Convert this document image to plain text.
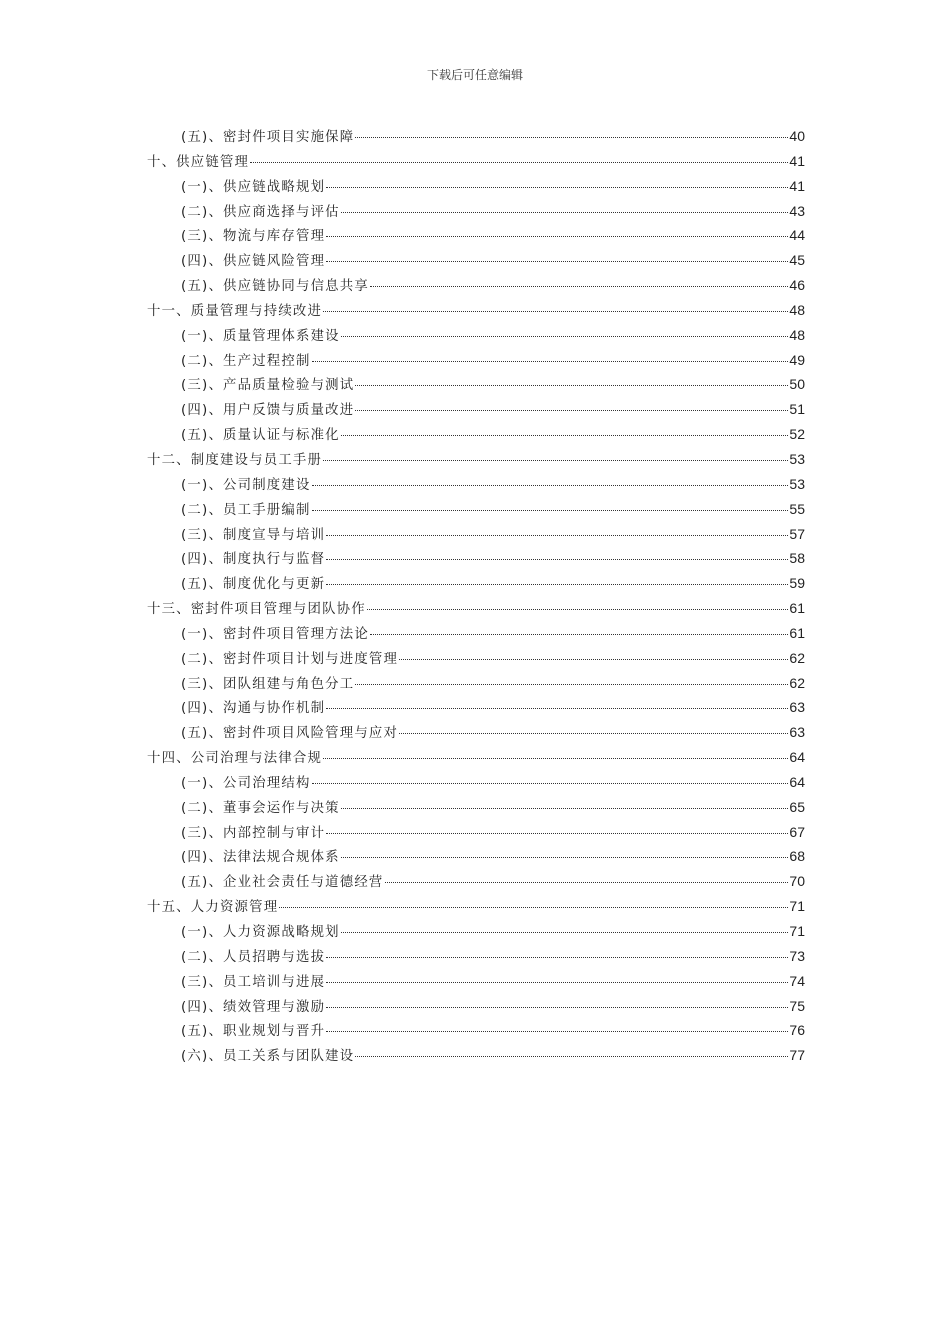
下载后可任意编辑
(五)、密封件项目实施保障	40
十、供应链管理	41
(一)、供应链战略规划	41
(二)、供应商选择与评估	43
(三)、物流与库存管理	44
(四)、供应链风险管理	45
(五)、供应链协同与信息共享	46
十一、质量管理与持续改进	48
(一)、质量管理体系建设	48
(二)、生产过程控制	49
(三)、产品质量检验与测试	50
(四)、用户反馈与质量改进	51
(五)、质量认证与标准化	52
十二、制度建设与员工手册	53
(一)、公司制度建设	53
(二)、员工手册编制	55
(三)、制度宣导与培训	57
(四)、制度执行与监督	58
(五)、制度优化与更新	59
十三、密封件项目管理与团队协作	61
(一)、密封件项目管理方法论	61
(二)、密封件项目计划与进度管理	62
(三)、团队组建与角色分工	62
(四)、沟通与协作机制	63
(五)、密封件项目风险管理与应对	63
十四、公司治理与法律合规	64
(一)、公司治理结构	64
(二)、董事会运作与决策	65
(三)、内部控制与审计	67
(四)、法律法规合规体系	68
(五)、企业社会责任与道德经营	70
十五、人力资源管理	71
(一)、人力资源战略规划	71
(二)、人员招聘与选拔	73
(三)、员工培训与进展	74
(四)、绩效管理与激励	75
(五)、职业规划与晋升	76
(六)、员工关系与团队建设	77
